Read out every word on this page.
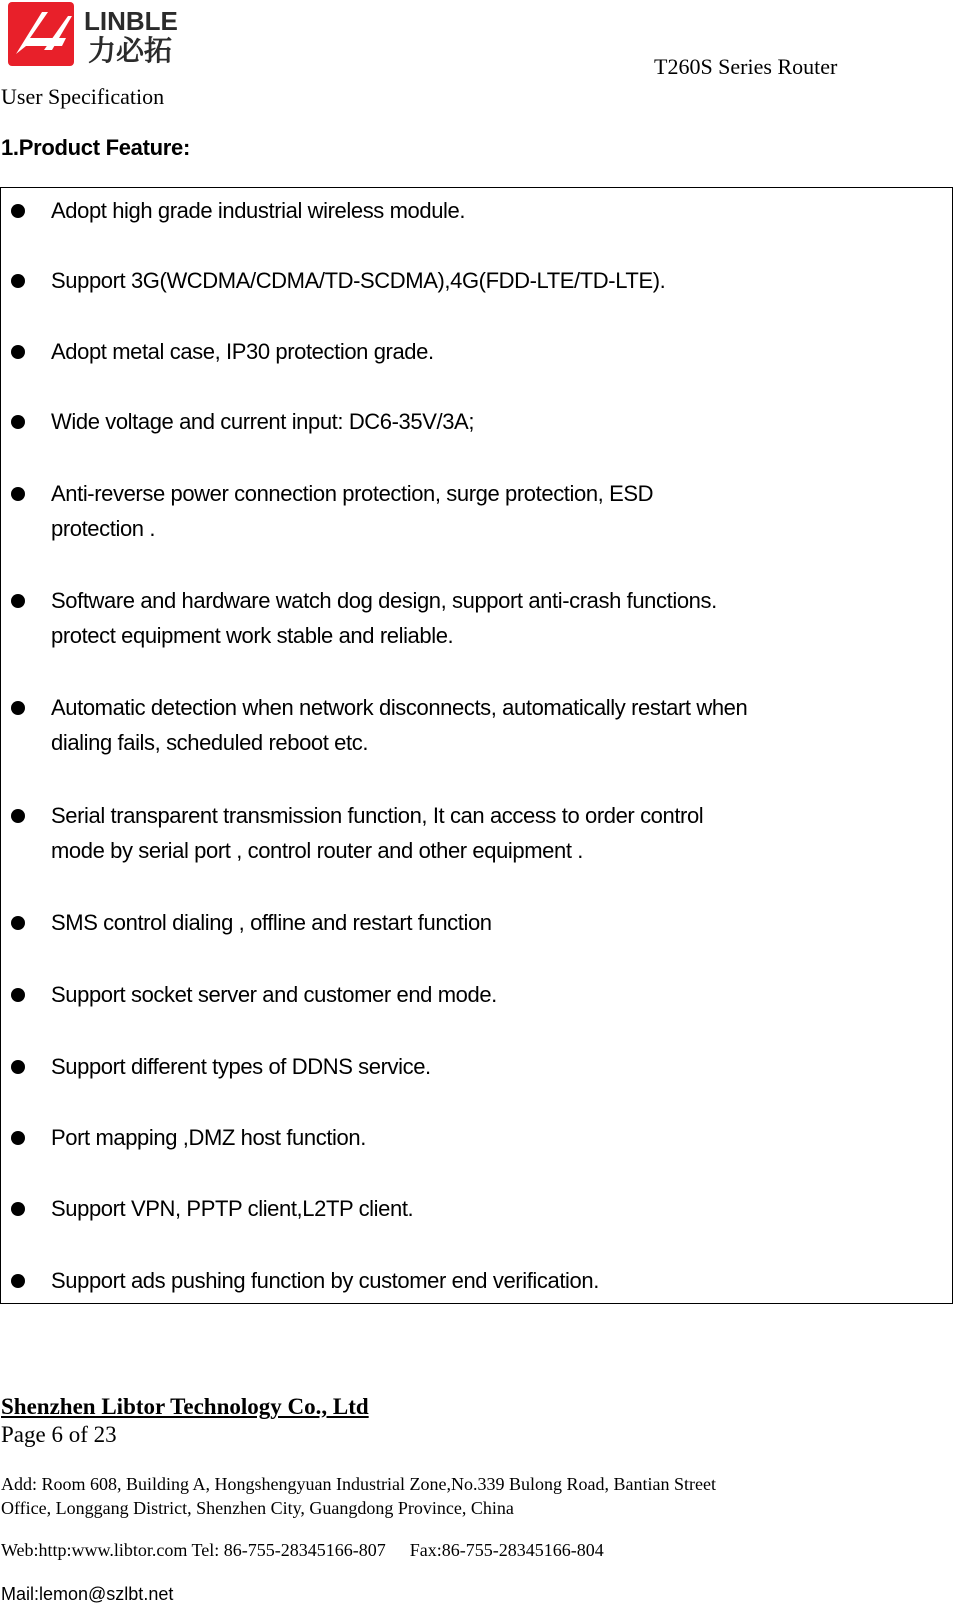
LINBLE
力必拓	T260S Series Router
User Specification
1.Product Feature:
Adopt high grade industrial wireless module.
Support 3G(WCDMA/CDMA/TD-SCDMA),4G(FDD-LTE/TD-LTE).
Adopt metal case, IP30 protection grade.
Wide voltage and current input: DC6-35V/3A;
Anti-reverse power connection protection, surge protection, ESD
protection .
Software and hardware watch dog design, support anti-crash functions.
protect equipment work stable and reliable.
Automatic detection when network disconnects, automatically restart when
dialing fails, scheduled reboot etc.
Serial transparent transmission function, It can access to order control
mode by serial port , control router and other equipment .
SMS control dialing , offline and restart function
Support socket server and customer end mode.
Support different types of DDNS service.
Port mapping ,DMZ host function.
Support VPN, PPTP client,L2TP client.
Support ads pushing function by customer end verification.
Shenzhen Libtor Technology Co., Ltd
Page 6 of 23
Add: Room 608, Building A, Hongshengyuan Industrial Zone,No.339 Bulong Road, Bantian Street
Office, Longgang District, Shenzhen City, Guangdong Province, China
Web:http:www.libtor.com Tel: 86-755-28345166-807 Fax:86-755-28345166-804
Mail:lemon@szlbt.net
